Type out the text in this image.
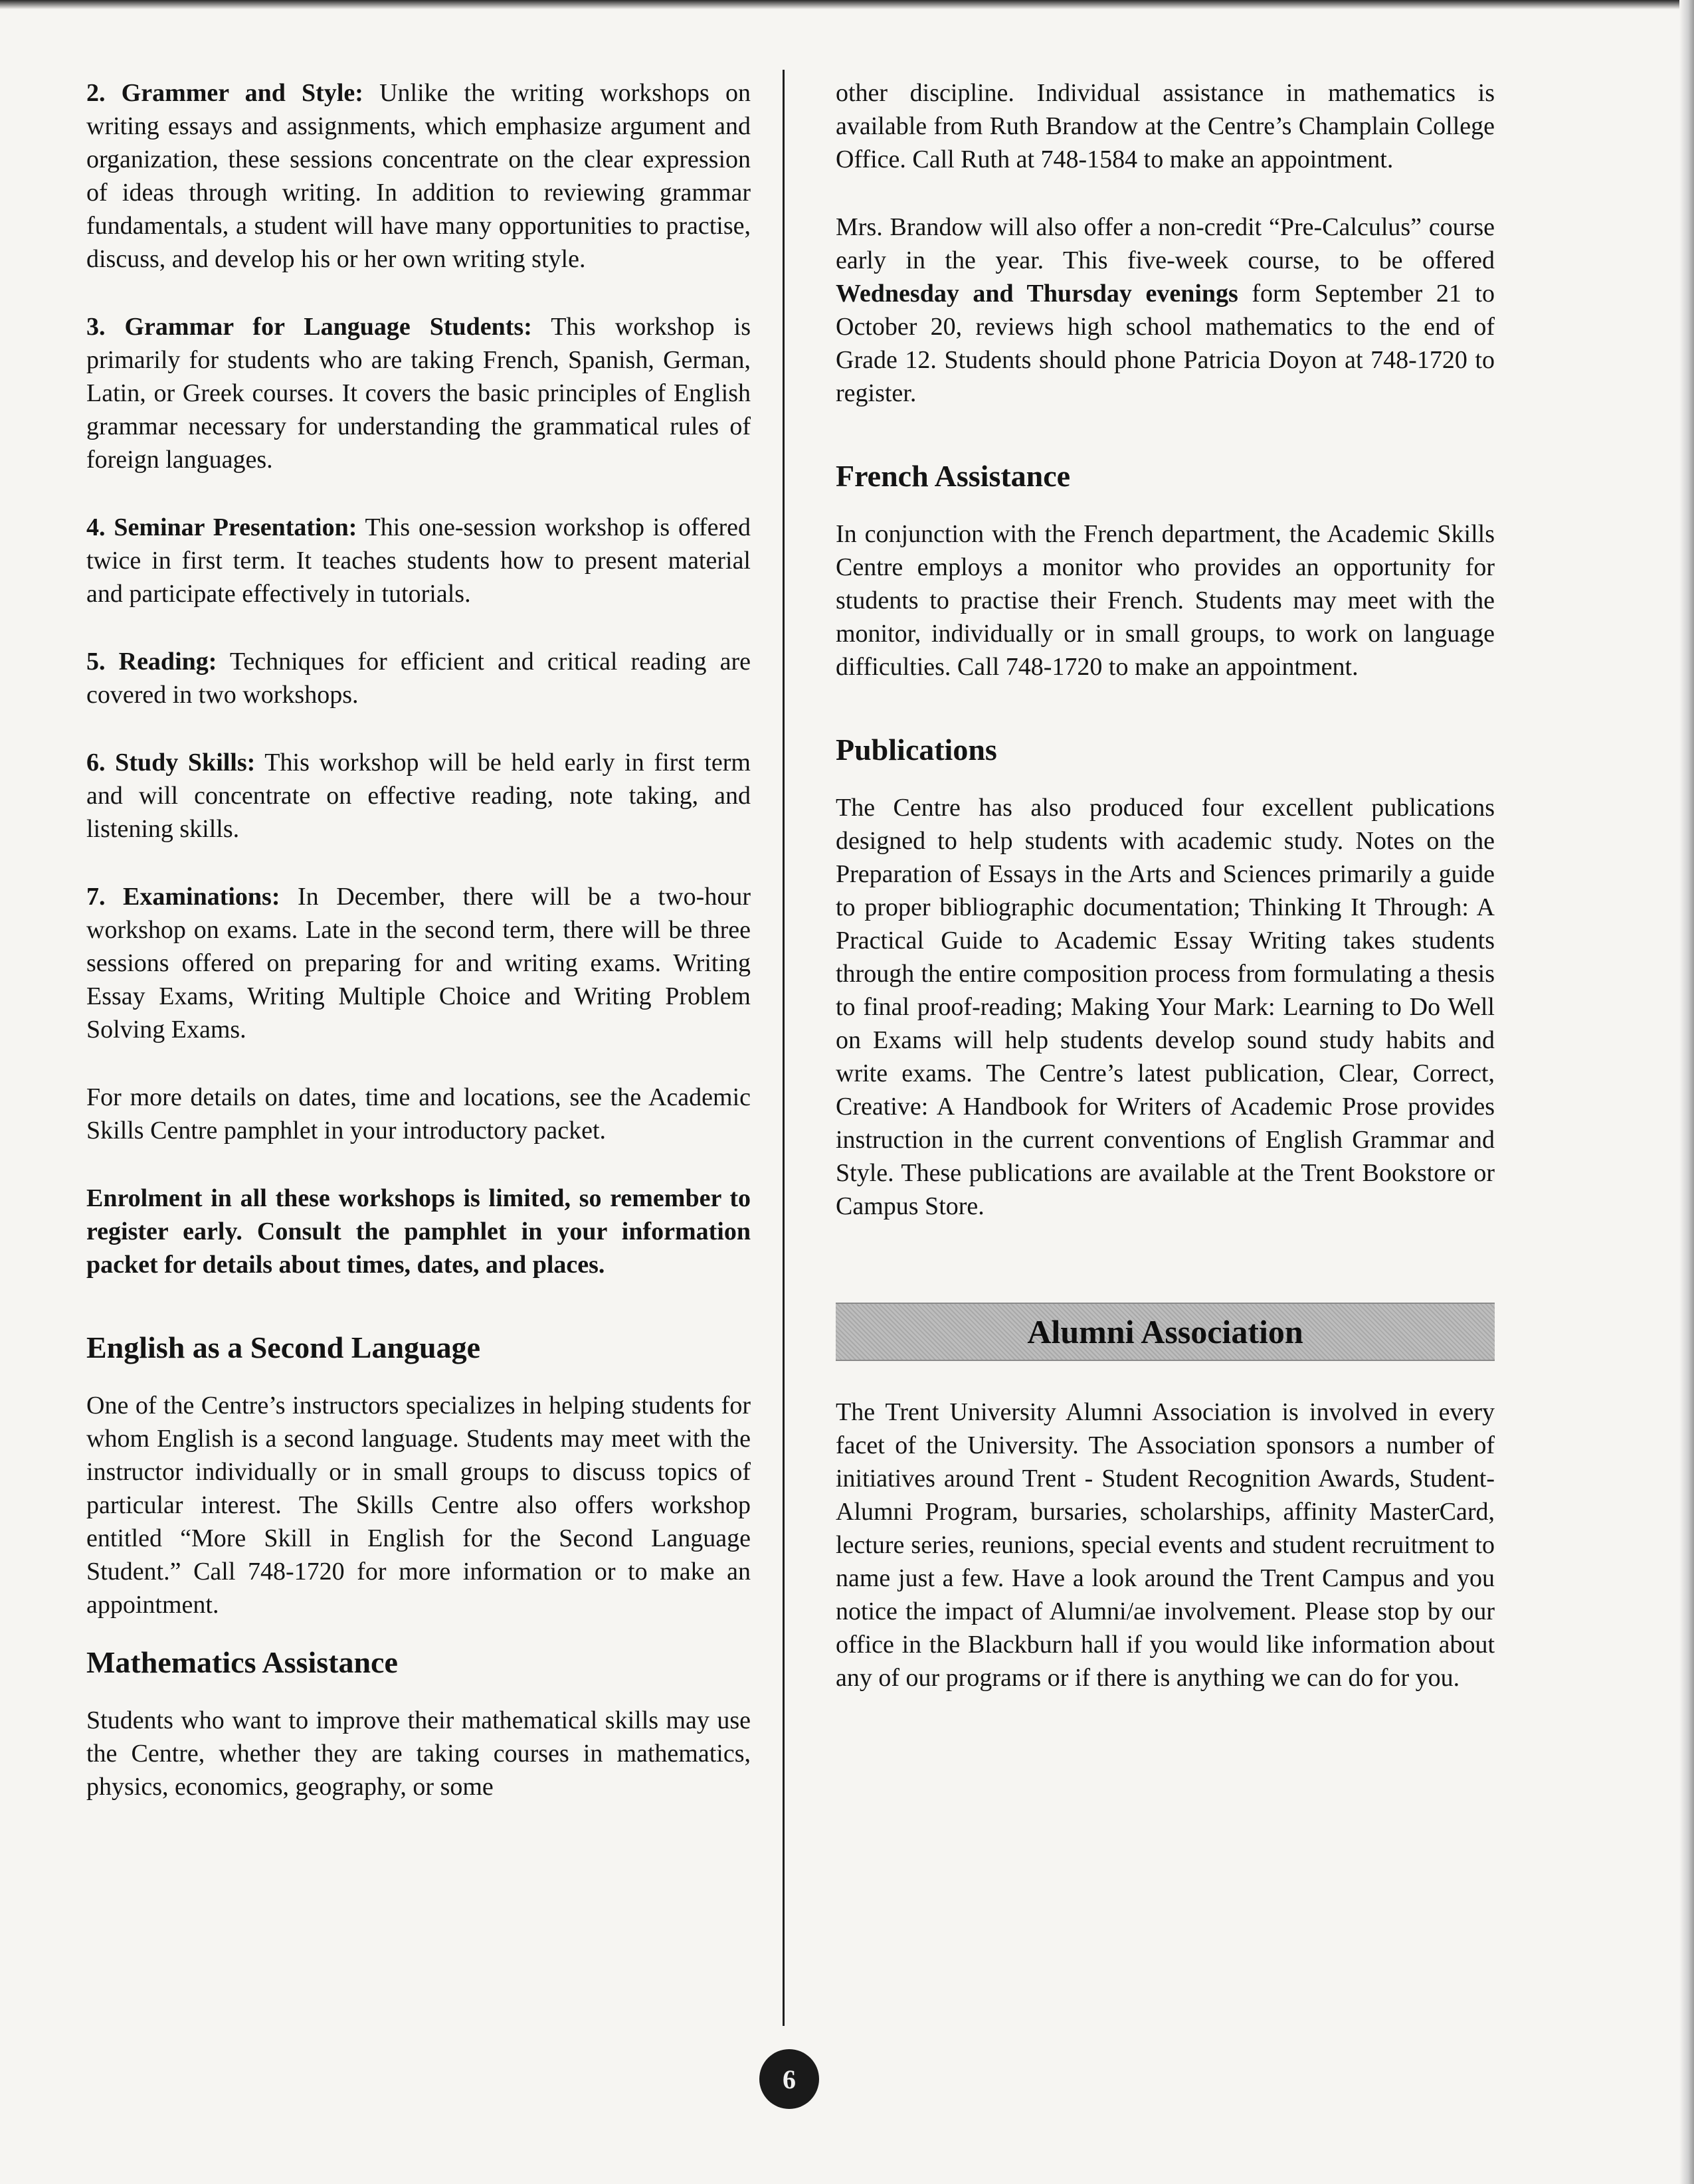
2. Grammer and Style: Unlike the writing workshops on writing essays and assignments, which emphasize argument and organization, these sessions concentrate on the clear expression of ideas through writing. In addition to reviewing grammar fundamentals, a student will have many opportunities to practise, discuss, and develop his or her own writing style.

3. Grammar for Language Students: This workshop is primarily for students who are taking French, Spanish, German, Latin, or Greek courses. It covers the basic principles of English grammar necessary for understanding the grammatical rules of foreign languages.

4. Seminar Presentation: This one-session workshop is offered twice in first term. It teaches students how to present material and participate effectively in tutorials.

5. Reading: Techniques for efficient and critical reading are covered in two workshops.

6. Study Skills: This workshop will be held early in first term and will concentrate on effective reading, note taking, and listening skills.

7. Examinations: In December, there will be a two-hour workshop on exams. Late in the second term, there will be three sessions offered on preparing for and writing exams. Writing Essay Exams, Writing Multiple Choice and Writing Problem Solving Exams.

For more details on dates, time and locations, see the Academic Skills Centre pamphlet in your introductory packet.

Enrolment in all these workshops is limited, so remember to register early. Consult the pamphlet in your information packet for details about times, dates, and places.

English as a Second Language

One of the Centre’s instructors specializes in helping students for whom English is a second language. Students may meet with the instructor individually or in small groups to discuss topics of particular interest. The Skills Centre also offers workshop entitled “More Skill in English for the Second Language Student.” Call 748-1720 for more information or to make an appointment.

Mathematics Assistance

Students who want to improve their mathematical skills may use the Centre, whether they are taking courses in mathematics, physics, economics, geography, or some

other discipline. Individual assistance in mathematics is available from Ruth Brandow at the Centre’s Champlain College Office. Call Ruth at 748-1584 to make an appointment.

Mrs. Brandow will also offer a non-credit “Pre-Calculus” course early in the year. This five-week course, to be offered Wednesday and Thursday evenings form September 21 to October 20, reviews high school mathematics to the end of Grade 12. Students should phone Patricia Doyon at 748-1720 to register.

French Assistance

In conjunction with the French department, the Academic Skills Centre employs a monitor who provides an opportunity for students to practise their French. Students may meet with the monitor, individually or in small groups, to work on language difficulties. Call 748-1720 to make an appointment.

Publications

The Centre has also produced four excellent publications designed to help students with academic study. Notes on the Preparation of Essays in the Arts and Sciences primarily a guide to proper bibliographic documentation; Thinking It Through: A Practical Guide to Academic Essay Writing takes students through the entire composition process from formulating a thesis to final proof-reading; Making Your Mark: Learning to Do Well on Exams will help students develop sound study habits and write exams. The Centre’s latest publication, Clear, Correct, Creative: A Handbook for Writers of Academic Prose provides instruction in the current conventions of English Grammar and Style. These publications are available at the Trent Bookstore or Campus Store.

Alumni Association

The Trent University Alumni Association is involved in every facet of the University. The Association sponsors a number of initiatives around Trent - Student Recognition Awards, Student-Alumni Program, bursaries, scholarships, affinity MasterCard, lecture series, reunions, special events and student recruitment to name just a few. Have a look around the Trent Campus and you notice the impact of Alumni/ae involvement. Please stop by our office in the Blackburn hall if you would like information about any of our programs or if there is anything we can do for you.

6
